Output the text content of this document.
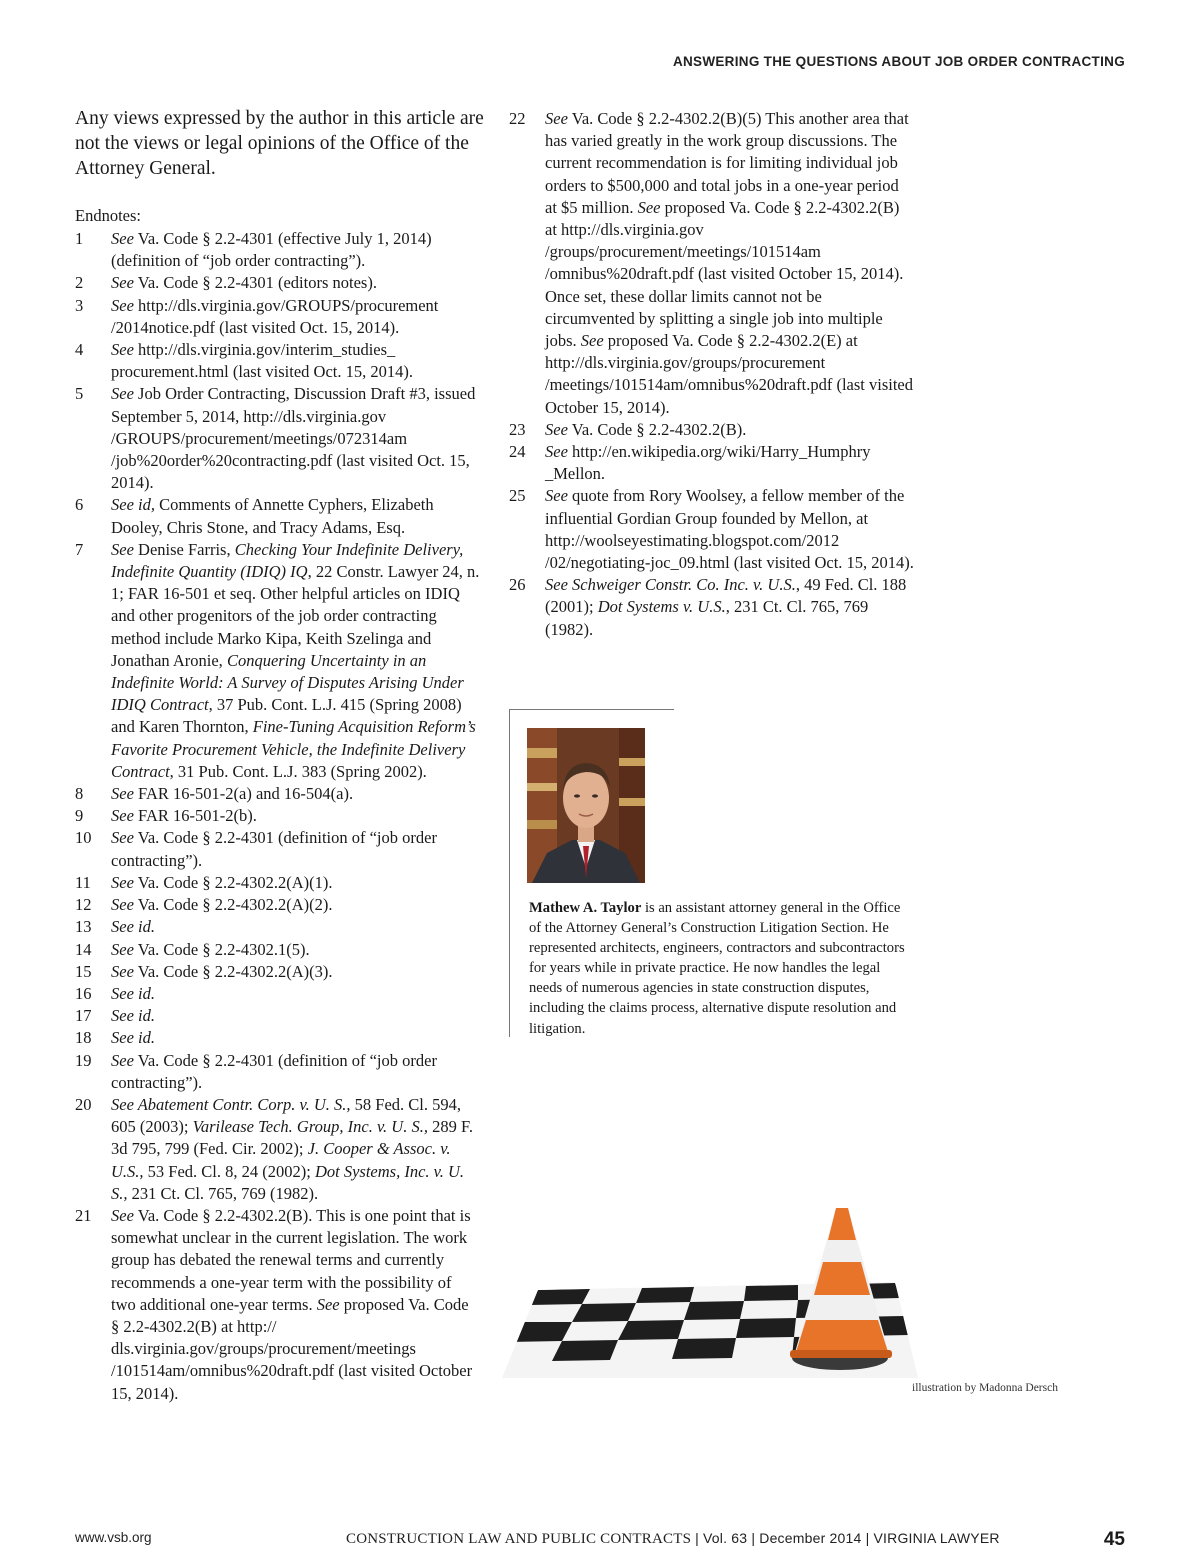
ANSWERING THE QUESTIONS ABOUT JOB ORDER CONTRACTING
Any views expressed by the author in this article are not the views or legal opinions of the Office of the Attorney General.
Endnotes:
1	See Va. Code § 2.2-4301 (effective July 1, 2014) (definition of “job order contracting”).
2	See Va. Code § 2.2-4301 (editors notes).
3	See http://dls.virginia.gov/GROUPS/procurement /2014notice.pdf (last visited Oct. 15, 2014).
4	See http://dls.virginia.gov/interim_studies_ procurement.html (last visited Oct. 15, 2014).
5	See Job Order Contracting, Discussion Draft #3, issued September 5, 2014, http://dls.virginia.gov /GROUPS/procurement/meetings/072314am /job%20order%20contracting.pdf (last visited Oct. 15, 2014).
6	See id, Comments of Annette Cyphers, Elizabeth Dooley, Chris Stone, and Tracy Adams, Esq.
7	See Denise Farris, Checking Your Indefinite Delivery, Indefinite Quantity (IDIQ) IQ, 22 Constr. Lawyer 24, n. 1; FAR 16-501 et seq. Other helpful articles on IDIQ and other progenitors of the job order contracting method include Marko Kipa, Keith Szelinga and Jonathan Aronie, Conquering Uncertainty in an Indefinite World: A Survey of Disputes Arising Under IDIQ Contract, 37 Pub. Cont. L.J. 415 (Spring 2008) and Karen Thornton, Fine-Tuning Acquisition Reform’s Favorite Procurement Vehicle, the Indefinite Delivery Contract, 31 Pub. Cont. L.J. 383 (Spring 2002).
8	See FAR 16-501-2(a) and 16-504(a).
9	See FAR 16-501-2(b).
10	See Va. Code § 2.2-4301 (definition of “job order contracting”).
11	See Va. Code § 2.2-4302.2(A)(1).
12	See Va. Code § 2.2-4302.2(A)(2).
13	See id.
14	See Va. Code § 2.2-4302.1(5).
15	See Va. Code § 2.2-4302.2(A)(3).
16	See id.
17	See id.
18	See id.
19	See Va. Code § 2.2-4301 (definition of “job order contracting”).
20	See Abatement Contr. Corp. v. U. S., 58 Fed. Cl. 594, 605 (2003); Varilease Tech. Group, Inc. v. U. S., 289 F. 3d 795, 799 (Fed. Cir. 2002); J. Cooper & Assoc. v. U.S., 53 Fed. Cl. 8, 24 (2002); Dot Systems, Inc. v. U. S., 231 Ct. Cl. 765, 769 (1982).
21	See Va. Code § 2.2-4302.2(B). This is one point that is somewhat unclear in the current legislation. The work group has debated the renewal terms and currently recommends a one-year term with the possibility of two additional one-year terms. See proposed Va. Code § 2.2-4302.2(B) at http:// dls.virginia.gov/groups/procurement/meetings /101514am/omnibus%20draft.pdf (last visited October 15, 2014).
22	See Va. Code § 2.2-4302.2(B)(5) This another area that has varied greatly in the work group discussions. The current recommendation is for limiting individual job orders to $500,000 and total jobs in a one-year period at $5 million. See proposed Va. Code § 2.2-4302.2(B) at http://dls.virginia.gov /groups/procurement/meetings/101514am /omnibus%20draft.pdf (last visited October 15, 2014). Once set, these dollar limits cannot not be circumvented by splitting a single job into multiple jobs. See proposed Va. Code § 2.2-4302.2(E) at http://dls.virginia.gov/groups/procurement /meetings/101514am/omnibus%20draft.pdf (last visited October 15, 2014).
23	See Va. Code § 2.2-4302.2(B).
24	See http://en.wikipedia.org/wiki/Harry_Humphry _Mellon.
25	See quote from Rory Woolsey, a fellow member of the influential Gordian Group founded by Mellon, at http://woolseyestimating.blogspot.com/2012 /02/negotiating-joc_09.html (last visited Oct. 15, 2014).
26	See Schweiger Constr. Co. Inc. v. U.S., 49 Fed. Cl. 188 (2001); Dot Systems v. U.S., 231 Ct. Cl. 765, 769 (1982).
Mathew A. Taylor is an assistant attorney general in the Office of the Attorney General’s Construction Litigation Section. He represented architects, engineers, contractors and subcontractors for years while in private practice. He now handles the legal needs of numerous agencies in state construction disputes, including the claims process, alternative dispute resolution and litigation.
illustration by Madonna Dersch
www.vsb.org	CONSTRUCTION LAW AND PUBLIC CONTRACTS | Vol. 63 | December 2014 | VIRGINIA LAWYER	45
